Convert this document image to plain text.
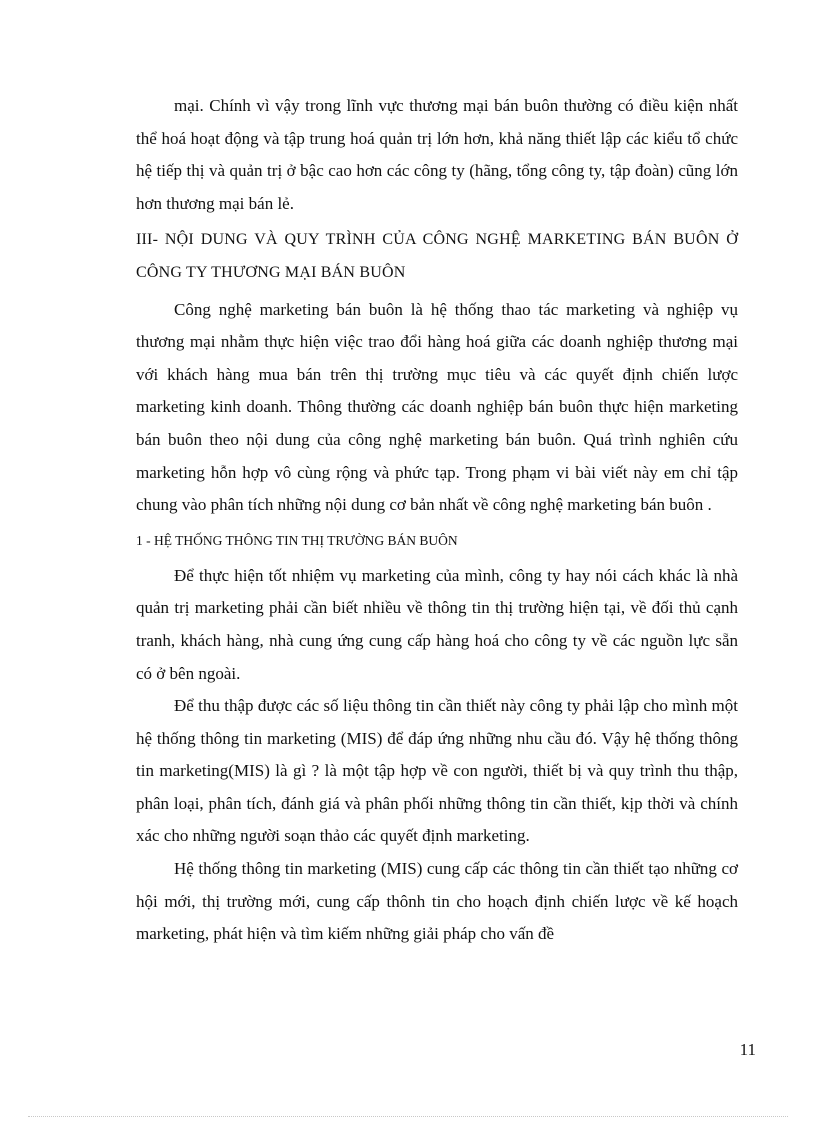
mại. Chính vì vậy trong lĩnh vực thương mại bán buôn thường có điều kiện nhất thể hoá hoạt động và tập trung hoá quản trị lớn hơn, khả năng thiết lập các kiểu tổ chức hệ tiếp thị và quản trị ở bậc cao hơn các công ty (hãng, tổng công ty, tập đoàn) cũng lớn hơn thương mại bán lẻ.

III- NỘI DUNG VÀ QUY TRÌNH CỦA CÔNG NGHỆ MARKETING BÁN BUÔN Ở CÔNG TY THƯƠNG MẠI BÁN BUÔN

Công nghệ marketing bán buôn là hệ thống thao tác marketing và nghiệp vụ thương mại nhằm thực hiện việc trao đổi hàng hoá giữa các doanh nghiệp thương mại với khách hàng mua bán trên thị trường mục tiêu và các quyết định chiến lược marketing kinh doanh. Thông thường các doanh nghiệp bán buôn thực hiện marketing bán buôn theo nội dung của công nghệ marketing bán buôn. Quá trình nghiên cứu marketing hỗn hợp vô cùng rộng và phức tạp. Trong phạm vi bài viết này em chỉ tập chung vào phân tích những nội dung cơ bản nhất về công nghệ marketing bán buôn .

1 - HỆ THỐNG THÔNG TIN THỊ TRƯỜNG BÁN BUÔN

Để thực hiện tốt nhiệm vụ marketing của mình, công ty hay nói cách khác là nhà quản trị marketing phải cần biết nhiều về thông tin thị trường hiện tại, về đối thủ cạnh tranh, khách hàng, nhà cung ứng cung cấp hàng hoá cho công ty về các nguồn lực sẵn có ở bên ngoài.

Để thu thập được các số liệu thông tin cần thiết này công ty phải lập cho mình một hệ thống thông tin marketing (MIS) để đáp ứng những nhu cầu đó. Vậy hệ thống thông tin marketing(MIS) là gì ? là một tập hợp về con người, thiết bị và quy trình thu thập, phân loại, phân tích, đánh giá và phân phối những thông tin cần thiết, kịp thời và chính xác cho những người soạn thảo các quyết định marketing.

Hệ thống thông tin marketing (MIS) cung cấp các thông tin cần thiết tạo những cơ hội mới, thị trường mới, cung cấp thônh tin cho hoạch định chiến lược về kế hoạch marketing, phát hiện và tìm kiếm những giải pháp cho vấn đề

11
